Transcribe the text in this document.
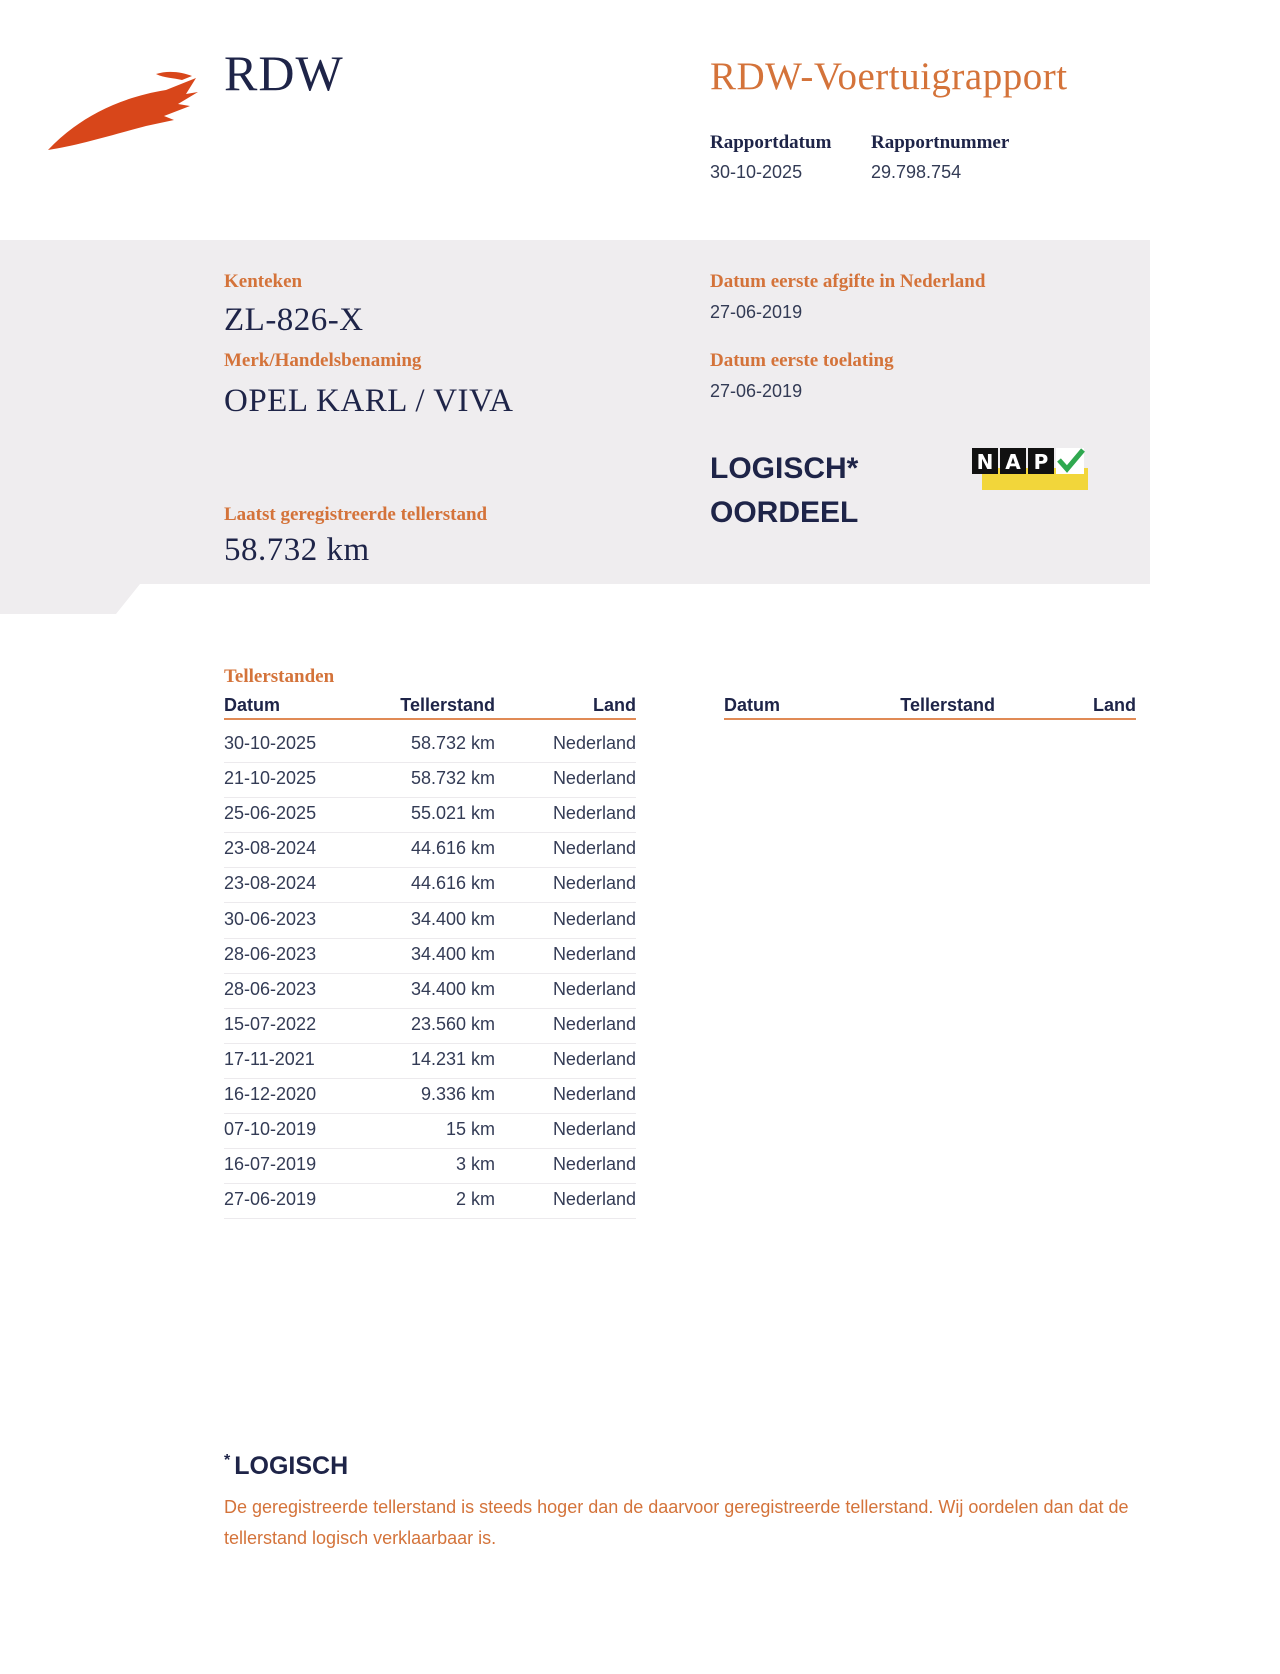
RDW	RDW-Voertuigrapport
Rapportdatum
30-10-2025
Rapportnummer
29.798.754
Kenteken
ZL-826-X
Merk/Handelsbenaming
OPEL KARL / VIVA
Laatst geregistreerde tellerstand
58.732 km
Datum eerste afgifte in Nederland
27-06-2019
Datum eerste toelating
27-06-2019
LOGISCH*
OORDEEL
N A P
Tellerstanden
Datum	Tellerstand	Land	Datum	Tellerstand	Land
30-10-2025	58.732 km	Nederland
21-10-2025	58.732 km	Nederland
25-06-2025	55.021 km	Nederland
23-08-2024	44.616 km	Nederland
23-08-2024	44.616 km	Nederland
30-06-2023	34.400 km	Nederland
28-06-2023	34.400 km	Nederland
28-06-2023	34.400 km	Nederland
15-07-2022	23.560 km	Nederland
17-11-2021	14.231 km	Nederland
16-12-2020	9.336 km	Nederland
07-10-2019	15 km	Nederland
16-07-2019	3 km	Nederland
27-06-2019	2 km	Nederland
* LOGISCH
De geregistreerde tellerstand is steeds hoger dan de daarvoor geregistreerde tellerstand. Wij oordelen dan dat de tellerstand logisch verklaarbaar is.
